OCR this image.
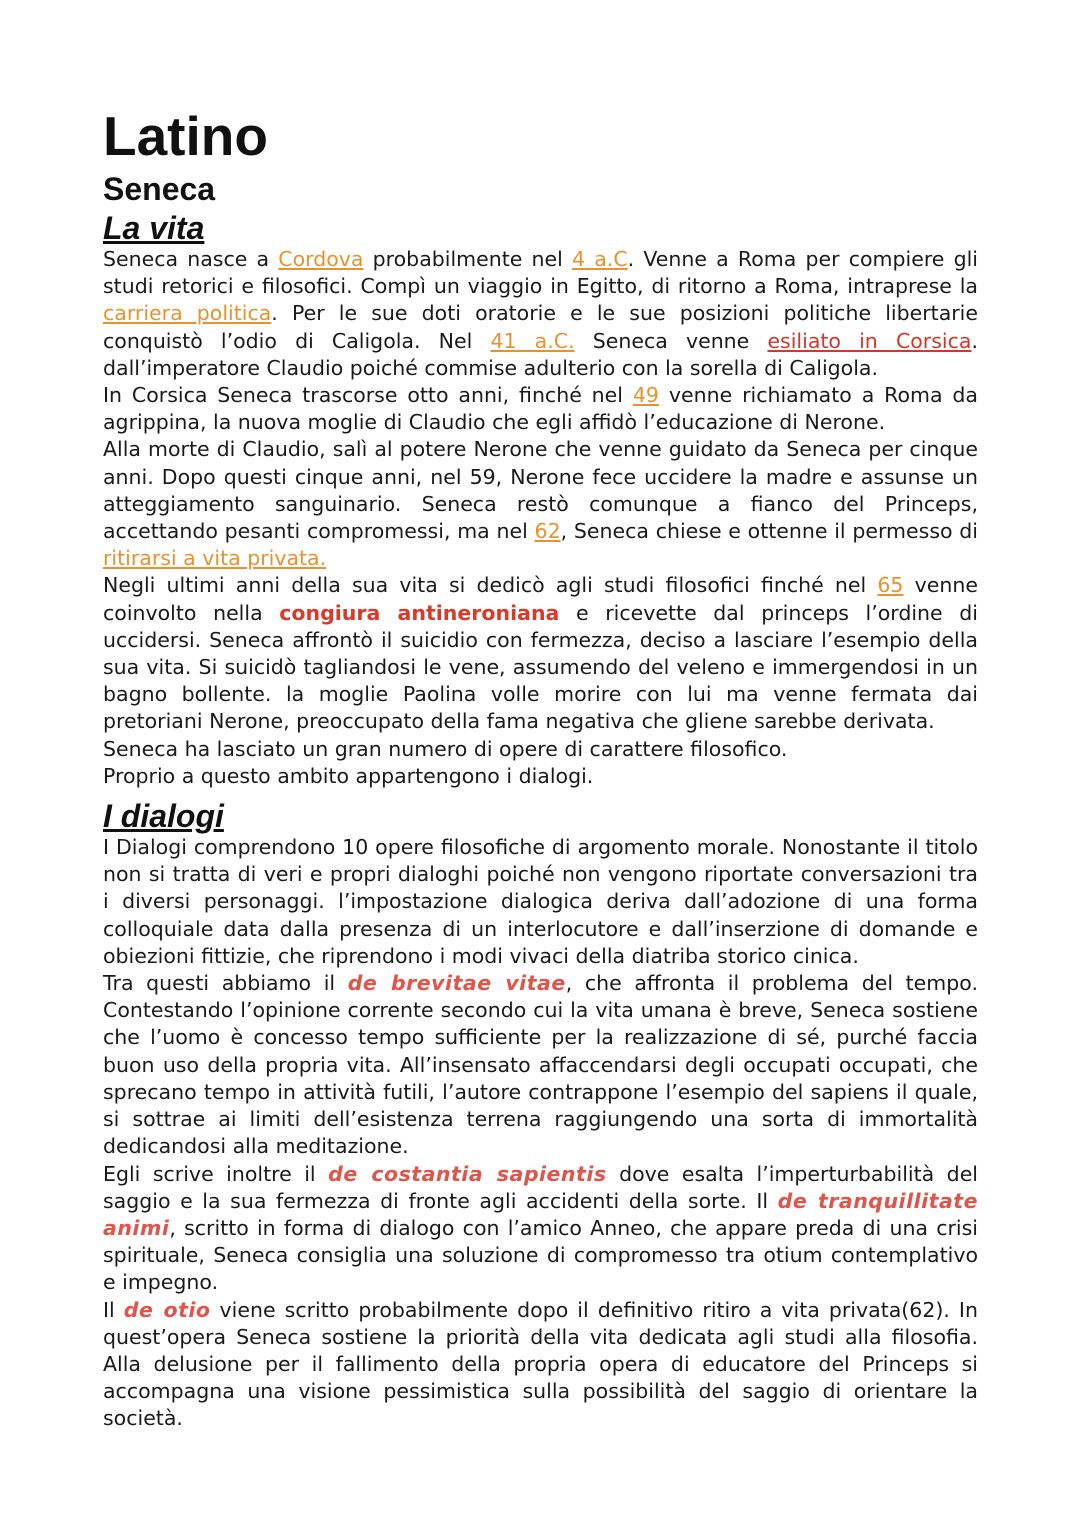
Latino
Seneca
La vita

Seneca nasce a Cordova probabilmente nel 4 a.C. Venne a Roma per compiere gli studi retorici e filosofici. Compì un viaggio in Egitto, di ritorno a Roma, intraprese la carriera politica. Per le sue doti oratorie e le sue posizioni politiche libertarie conquistò l’odio di Caligola. Nel 41 a.C. Seneca venne esiliato in Corsica. dall’imperatore Claudio poiché commise adulterio con la sorella di Caligola.

In Corsica Seneca trascorse otto anni, finché nel 49 venne richiamato a Roma da agrippina, la nuova moglie di Claudio che egli affidò l’educazione di Nerone.

Alla morte di Claudio, salì al potere Nerone che venne guidato da Seneca per cinque anni. Dopo questi cinque anni, nel 59, Nerone fece uccidere la madre e assunse un atteggiamento sanguinario. Seneca restò comunque a fianco del Princeps, accettando pesanti compromessi, ma nel 62, Seneca chiese e ottenne il permesso di ritirarsi a vita privata.

Negli ultimi anni della sua vita si dedicò agli studi filosofici finché nel 65 venne coinvolto nella congiura antineroniana e ricevette dal princeps l’ordine di uccidersi. Seneca affrontò il suicidio con fermezza, deciso a lasciare l’esempio della sua vita. Si suicidò tagliandosi le vene, assumendo del veleno e immergendosi in un bagno bollente. la moglie Paolina volle morire con lui ma venne fermata dai pretoriani Nerone, preoccupato della fama negativa che gliene sarebbe derivata.

Seneca ha lasciato un gran numero di opere di carattere filosofico.

Proprio a questo ambito appartengono i dialogi.

I dialogi

I Dialogi comprendono 10 opere filosofiche di argomento morale. Nonostante il titolo non si tratta di veri e propri dialoghi poiché non vengono riportate conversazioni tra i diversi personaggi. l’impostazione dialogica deriva dall’adozione di una forma colloquiale data dalla presenza di un interlocutore e dall’inserzione di domande e obiezioni fittizie, che riprendono i modi vivaci della diatriba storico cinica.

Tra questi abbiamo il de brevitae vitae, che affronta il problema del tempo. Contestando l’opinione corrente secondo cui la vita umana è breve, Seneca sostiene che l’uomo è concesso tempo sufficiente per la realizzazione di sé, purché faccia buon uso della propria vita. All’insensato affaccendarsi degli occupati occupati, che sprecano tempo in attività futili, l’autore contrappone l’esempio del sapiens il quale, si sottrae ai limiti dell’esistenza terrena raggiungendo una sorta di immortalità dedicandosi alla meditazione.

Egli scrive inoltre il de costantia sapientis dove esalta l’imperturbabilità del saggio e la sua fermezza di fronte agli accidenti della sorte. Il de tranquillitate animi, scritto in forma di dialogo con l’amico Anneo, che appare preda di una crisi spirituale, Seneca consiglia una soluzione di compromesso tra otium contemplativo e impegno.

Il de otio viene scritto probabilmente dopo il definitivo ritiro a vita privata(62). In quest’opera Seneca sostiene la priorità della vita dedicata agli studi alla filosofia. Alla delusione per il fallimento della propria opera di educatore del Princeps si accompagna una visione pessimistica sulla possibilità del saggio di orientare la società.
